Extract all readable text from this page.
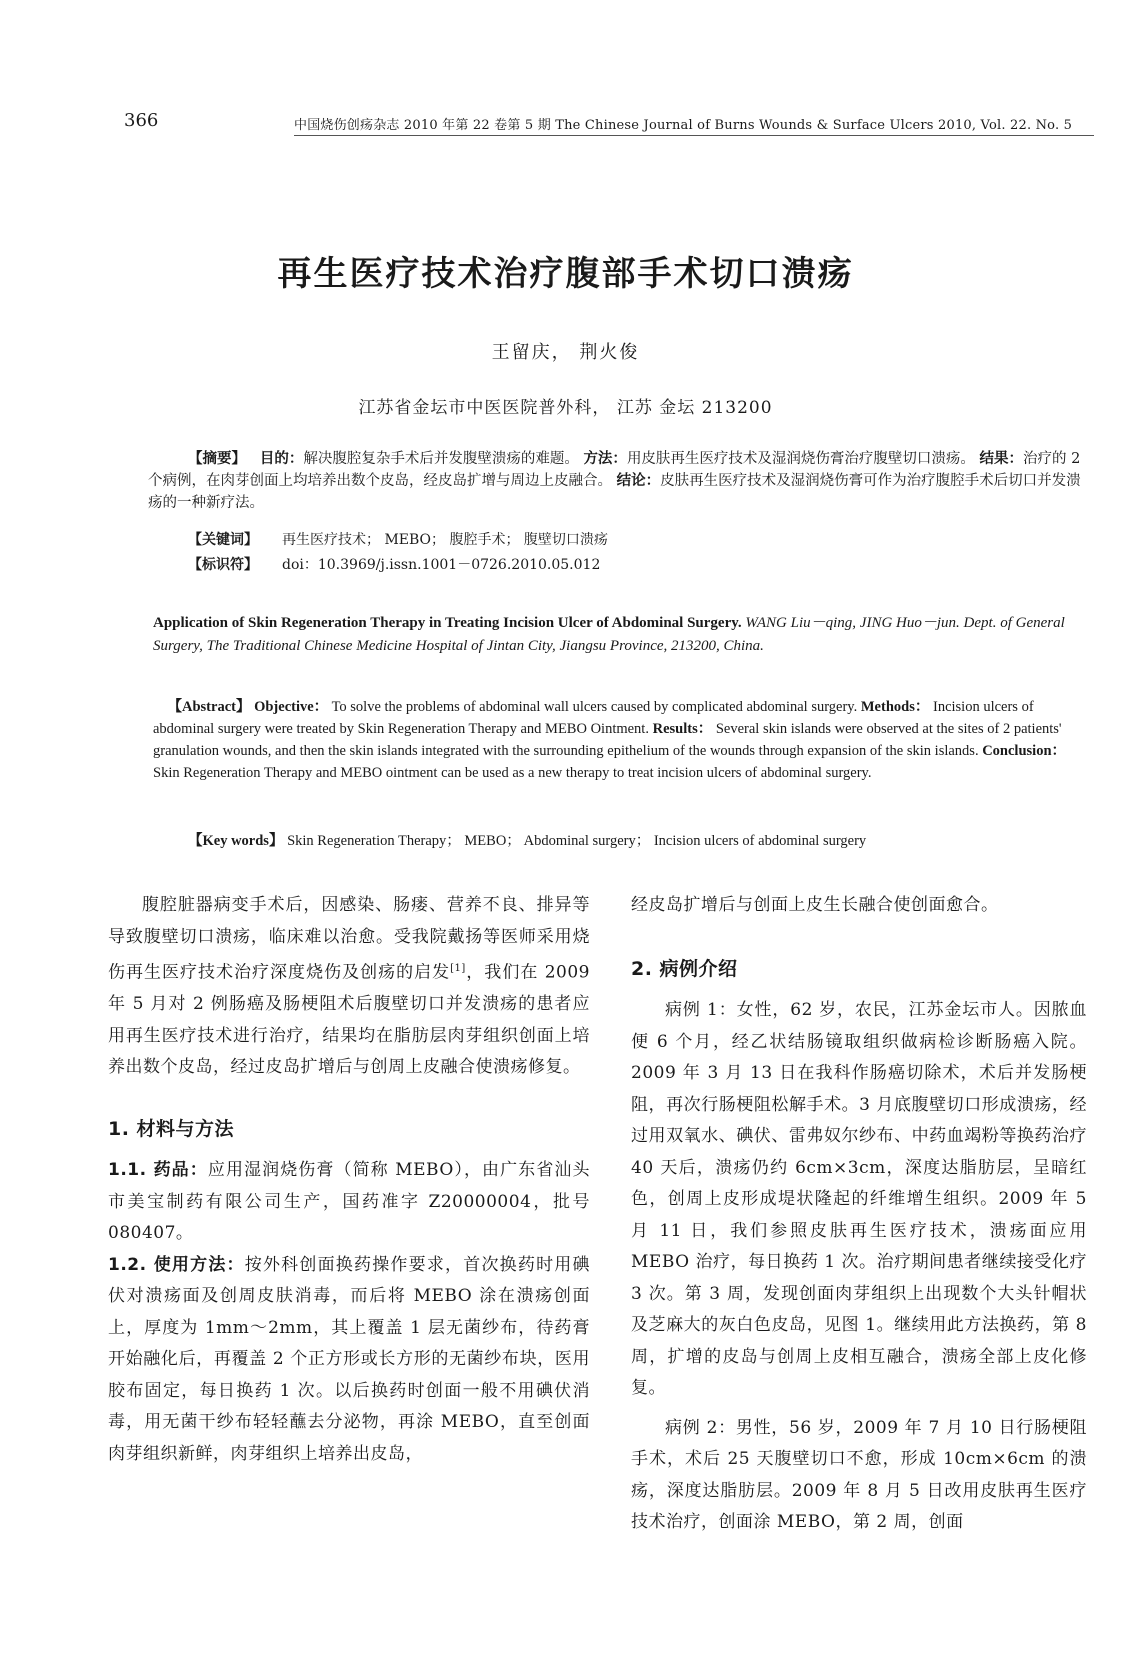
366	中国烧伤创疡杂志 2010 年第 22 卷第 5 期 The Chinese Journal of Burns Wounds & Surface Ulcers 2010, Vol. 22. No. 5
再生医疗技术治疗腹部手术切口溃疡
王留庆， 荆火俊
江苏省金坛市中医医院普外科， 江苏 金坛 213200
【摘要】 目的：解决腹腔复杂手术后并发腹壁溃疡的难题。 方法：用皮肤再生医疗技术及湿润烧伤膏治疗腹壁切口溃疡。 结果：治疗的 2 个病例，在肉芽创面上均培养出数个皮岛，经皮岛扩增与周边上皮融合。 结论：皮肤再生医疗技术及湿润烧伤膏可作为治疗腹腔手术后切口并发溃疡的一种新疗法。
【关键词】 再生医疗技术； MEBO； 腹腔手术； 腹壁切口溃疡
【标识符】 doi：10.3969/j.issn.1001－0726.2010.05.012
Application of Skin Regeneration Therapy in Treating Incision Ulcer of Abdominal Surgery. WANG Liu－qing, JING Huo－jun. Dept. of General Surgery, The Traditional Chinese Medicine Hospital of Jintan City, Jiangsu Province, 213200, China.
【Abstract】 Objective： To solve the problems of abdominal wall ulcers caused by complicated abdominal surgery. Methods： Incision ulcers of abdominal surgery were treated by Skin Regeneration Therapy and MEBO Ointment. Results： Several skin islands were observed at the sites of 2 patients' granulation wounds, and then the skin islands integrated with the surrounding epithelium of the wounds through expansion of the skin islands. Conclusion： Skin Regeneration Therapy and MEBO ointment can be used as a new therapy to treat incision ulcers of abdominal surgery.
【Key words】 Skin Regeneration Therapy； MEBO； Abdominal surgery； Incision ulcers of abdominal surgery

腹腔脏器病变手术后，因感染、肠瘘、营养不良、排异等导致腹壁切口溃疡，临床难以治愈。受我院戴扬等医师采用烧伤再生医疗技术治疗深度烧伤及创疡的启发[1]，我们在 2009 年 5 月对 2 例肠癌及肠梗阻术后腹壁切口并发溃疡的患者应用再生医疗技术进行治疗，结果均在脂肪层肉芽组织创面上培养出数个皮岛，经过皮岛扩增后与创周上皮融合使溃疡修复。

1. 材料与方法

1.1. 药品：应用湿润烧伤膏（简称 MEBO），由广东省汕头市美宝制药有限公司生产，国药准字 Z20000004，批号 080407。

1.2. 使用方法：按外科创面换药操作要求，首次换药时用碘伏对溃疡面及创周皮肤消毒，而后将 MEBO 涂在溃疡创面上，厚度为 1mm～2mm，其上覆盖 1 层无菌纱布，待药膏开始融化后，再覆盖 2 个正方形或长方形的无菌纱布块，医用胶布固定，每日换药 1 次。以后换药时创面一般不用碘伏消毒，用无菌干纱布轻轻蘸去分泌物，再涂 MEBO，直至创面肉芽组织新鲜，肉芽组织上培养出皮岛，

经皮岛扩增后与创面上皮生长融合使创面愈合。

2. 病例介绍

病例 1：女性，62 岁，农民，江苏金坛市人。因脓血便 6 个月，经乙状结肠镜取组织做病检诊断肠癌入院。2009 年 3 月 13 日在我科作肠癌切除术，术后并发肠梗阻，再次行肠梗阻松解手术。3 月底腹壁切口形成溃疡，经过用双氧水、碘伏、雷弗奴尔纱布、中药血竭粉等换药治疗 40 天后，溃疡仍约 6cm×3cm，深度达脂肪层，呈暗红色，创周上皮形成堤状隆起的纤维增生组织。2009 年 5 月 11 日，我们参照皮肤再生医疗技术，溃疡面应用 MEBO 治疗，每日换药 1 次。治疗期间患者继续接受化疗 3 次。第 3 周，发现创面肉芽组织上出现数个大头针帽状及芝麻大的灰白色皮岛，见图 1。继续用此方法换药，第 8 周，扩增的皮岛与创周上皮相互融合，溃疡全部上皮化修复。

病例 2：男性，56 岁，2009 年 7 月 10 日行肠梗阻手术，术后 25 天腹壁切口不愈，形成 10cm×6cm 的溃疡，深度达脂肪层。2009 年 8 月 5 日改用皮肤再生医疗技术治疗，创面涂 MEBO，第 2 周，创面
